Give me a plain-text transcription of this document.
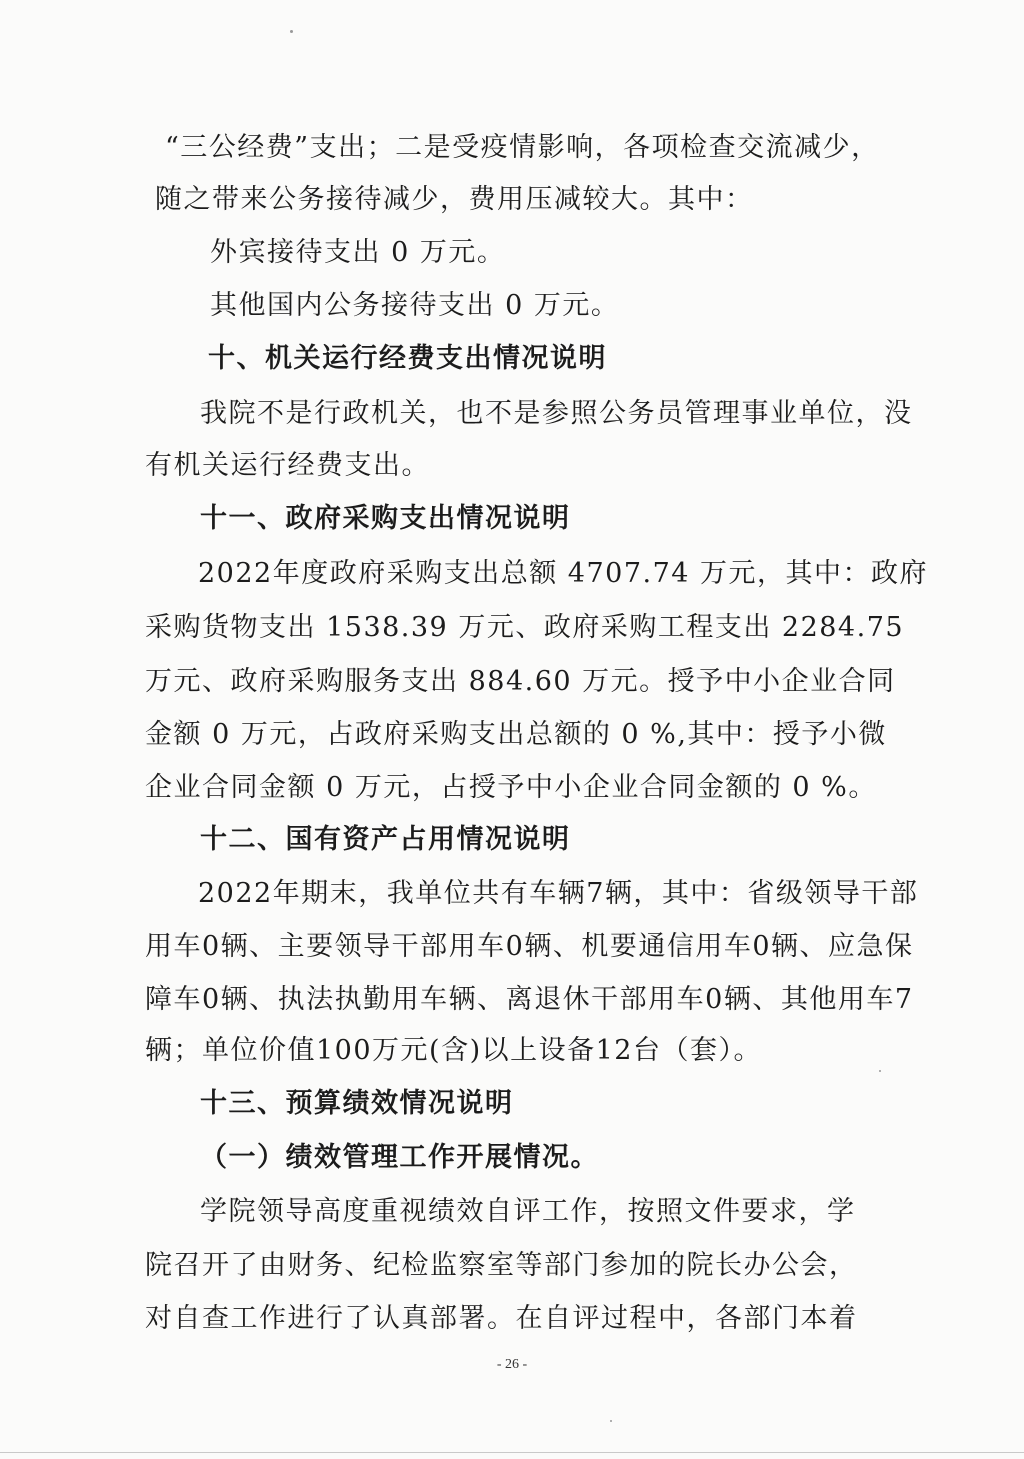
“三公经费”支出；二是受疫情影响，各项检查交流减少，
随之带来公务接待减少，费用压减较大。其中：
外宾接待支出 0 万元。
其他国内公务接待支出 0 万元。
十、机关运行经费支出情况说明
我院不是行政机关，也不是参照公务员管理事业单位，没
有机关运行经费支出。
十一、政府采购支出情况说明
2022年度政府采购支出总额 4707.74 万元，其中：政府
采购货物支出 1538.39 万元、政府采购工程支出 2284.75
万元、政府采购服务支出 884.60 万元。授予中小企业合同
金额 0 万元，占政府采购支出总额的 0 %,其中：授予小微
企业合同金额 0 万元，占授予中小企业合同金额的 0 %。
十二、国有资产占用情况说明
2022年期末，我单位共有车辆7辆，其中：省级领导干部
用车0辆、主要领导干部用车0辆、机要通信用车0辆、应急保
障车0辆、执法执勤用车辆、离退休干部用车0辆、其他用车7
辆；单位价值100万元(含)以上设备12台（套）。
十三、预算绩效情况说明
（一）绩效管理工作开展情况。
学院领导高度重视绩效自评工作，按照文件要求，学
院召开了由财务、纪检监察室等部门参加的院长办公会，
对自查工作进行了认真部署。在自评过程中，各部门本着
- 26 -
